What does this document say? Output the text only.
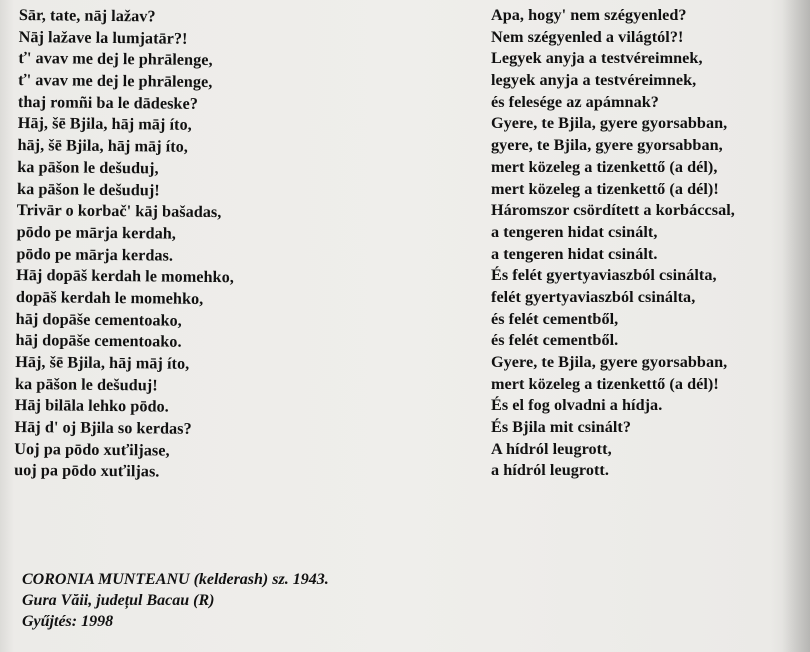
Sār, tate, nāj lažav?
Nāj lažave la lumjatār?!
ť' avav me dej le phrālenge,
ť' avav me dej le phrālenge,
thaj romñi ba le dādeske?
Hāj, šē Bjila, hāj māj íto,
hāj, šē Bjila, hāj māj íto,
ka pāšon le dešuduj,
ka pāšon le dešuduj!
Trivār o korbač' kāj bašadas,
pōdo pe mārja kerdah,
pōdo pe mārja kerdas.
Hāj dopāš kerdah le momehko,
dopāš kerdah le momehko,
hāj dopāše cementoako,
hāj dopāše cementoako.
Hāj, šē Bjila, hāj māj íto,
ka pāšon le dešuduj!
Hāj bilāla lehko pōdo.
Hāj d' oj Bjila so kerdas?
Uoj pa pōdo xuťiljase,
uoj pa pōdo xuťiljas.
Apa, hogy' nem szégyenled?
Nem szégyenled a világtól?!
Legyek anyja a testvéreimnek,
legyek anyja a testvéreimnek,
és felesége az apámnak?
Gyere, te Bjila, gyere gyorsabban,
gyere, te Bjila, gyere gyorsabban,
mert közeleg a tizenkettő (a dél),
mert közeleg a tizenkettő (a dél)!
Háromszor csördített a korbáccsal,
a tengeren hidat csinált,
a tengeren hidat csinált.
És felét gyertyaviaszból csinálta,
felét gyertyaviaszból csinálta,
és felét cementből,
és felét cementből.
Gyere, te Bjila, gyere gyorsabban,
mert közeleg a tizenkettő (a dél)!
És el fog olvadni a hídja.
És Bjila mit csinált?
A hídról leugrott,
a hídról leugrott.
CORONIA MUNTEANU (kelderash) sz. 1943.
Gura Văii, județul Bacau (R)
Gyűjtés: 1998
